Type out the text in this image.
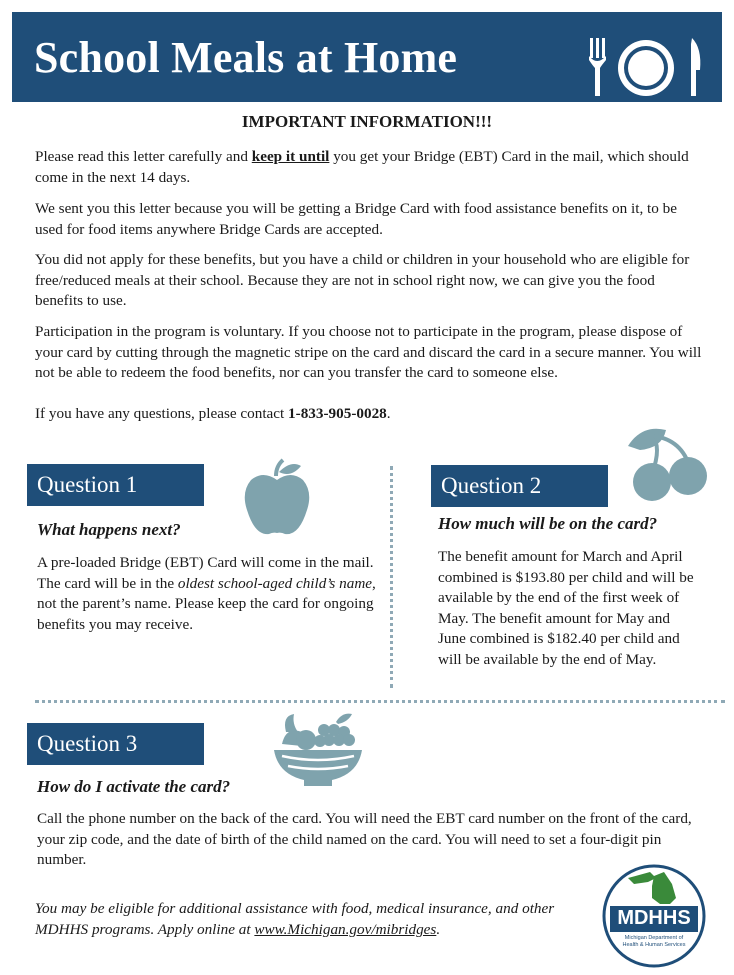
School Meals at Home
IMPORTANT INFORMATION!!!
Please read this letter carefully and keep it until you get your Bridge (EBT) Card in the mail, which should come in the next 14 days.
We sent you this letter because you will be getting a Bridge Card with food assistance benefits on it, to be used for food items anywhere Bridge Cards are accepted.
You did not apply for these benefits, but you have a child or children in your household who are eligible for free/reduced meals at their school. Because they are not in school right now, we can give you the food benefits to use.
Participation in the program is voluntary. If you choose not to participate in the program, please dispose of your card by cutting through the magnetic stripe on the card and discard the card in a secure manner. You will not be able to redeem the food benefits, nor can you transfer the card to someone else.
If you have any questions, please contact 1-833-905-0028.
Question 1
What happens next?
A pre-loaded Bridge (EBT) Card will come in the mail. The card will be in the oldest school-aged child’s name, not the parent’s name. Please keep the card for ongoing benefits you may receive.
Question 2
How much will be on the card?
The benefit amount for March and April combined is $193.80 per child and will be available by the end of the first week of May. The benefit amount for May and June combined is $182.40 per child and will be available by the end of May.
Question 3
How do I activate the card?
Call the phone number on the back of the card. You will need the EBT card number on the front of the card, your zip code, and the date of birth of the child named on the card. You will need to set a four-digit pin number.
You may be eligible for additional assistance with food, medical insurance, and other MDHHS programs. Apply online at www.Michigan.gov/mibridges.
MDHHS
Michigan Department of
Health & Human Services
